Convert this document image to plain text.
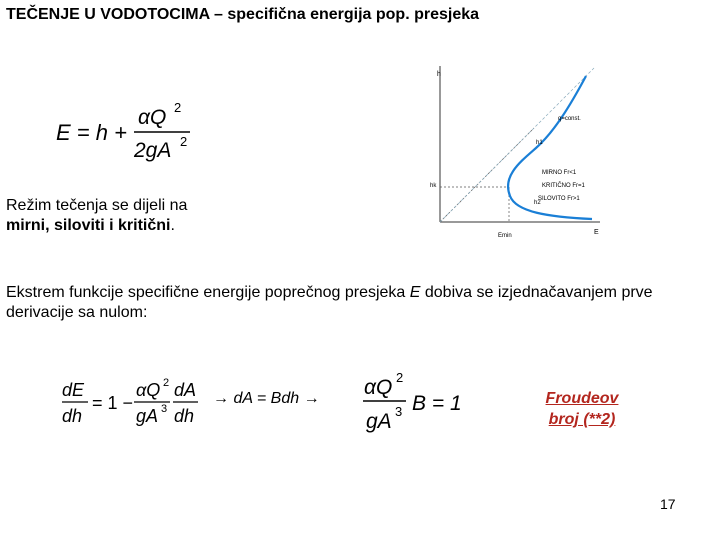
TEČENJE U VODOTOCIMA – specifična energija pop. presjeka
E = h +
αQ 2
2gA 2
h
E
q=const.
h1
hk
h2
Emin
MIRNO Fr<1
KRITIČNO Fr=1
SILOVITO Fr>1
Režim tečenja se dijeli na
mirni, siloviti i kritični.
Ekstrem funkcije specifične energije poprečnog presjeka E dobiva se izjednačavanjem prve derivacije sa nulom:
dE
dh
= 1 −
αQ 2
gA 3
dA
dh
→ dA = Bdh → αQ 2
gA 3 B = 1	Froudeov
broj (**2)
17
